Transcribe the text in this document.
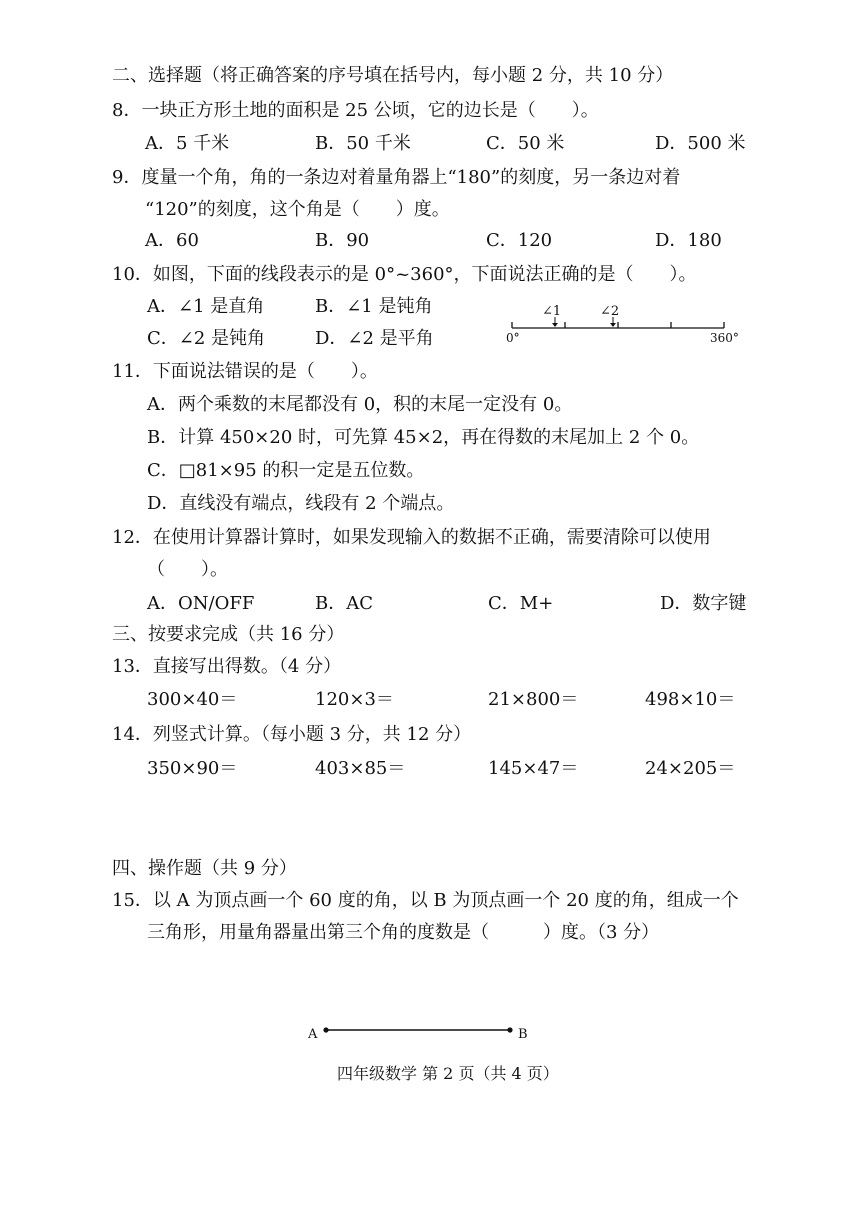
二、选择题（将正确答案的序号填在括号内，每小题 2 分，共 10 分）
8．一块正方形土地的面积是 25 公顷，它的边长是（　　）。
A．5 千米	B．50 千米	C．50 米	D．500 米
9．度量一个角，角的一条边对着量角器上“180”的刻度，另一条边对着
“120”的刻度，这个角是（　　）度。
A．60	B．90	C．120	D．180
10．如图，下面的线段表示的是 0°~360°，下面说法正确的是（　　）。
A．∠1 是直角	B．∠1 是钝角
C．∠2 是钝角	D．∠2 是平角
∠1	∠2
0°	360°
11．下面说法错误的是（　　）。
A．两个乘数的末尾都没有 0，积的末尾一定没有 0。
B．计算 450×20 时，可先算 45×2，再在得数的末尾加上 2 个 0。
C．□81×95 的积一定是五位数。
D．直线没有端点，线段有 2 个端点。
12．在使用计算器计算时，如果发现输入的数据不正确，需要清除可以使用
（　　）。
A．ON/OFF	B．AC	C．M+	D．数字键
三、按要求完成（共 16 分）
13．直接写出得数。（4 分）
300×40＝	120×3＝	21×800＝	498×10＝
14．列竖式计算。（每小题 3 分，共 12 分）
350×90＝	403×85＝	145×47＝	24×205＝
四、操作题（共 9 分）
15．以 A 为顶点画一个 60 度的角，以 B 为顶点画一个 20 度的角，组成一个
三角形，用量角器量出第三个角的度数是（　　　）度。（3 分）
A	B
四年级数学 第 2 页（共 4 页）
